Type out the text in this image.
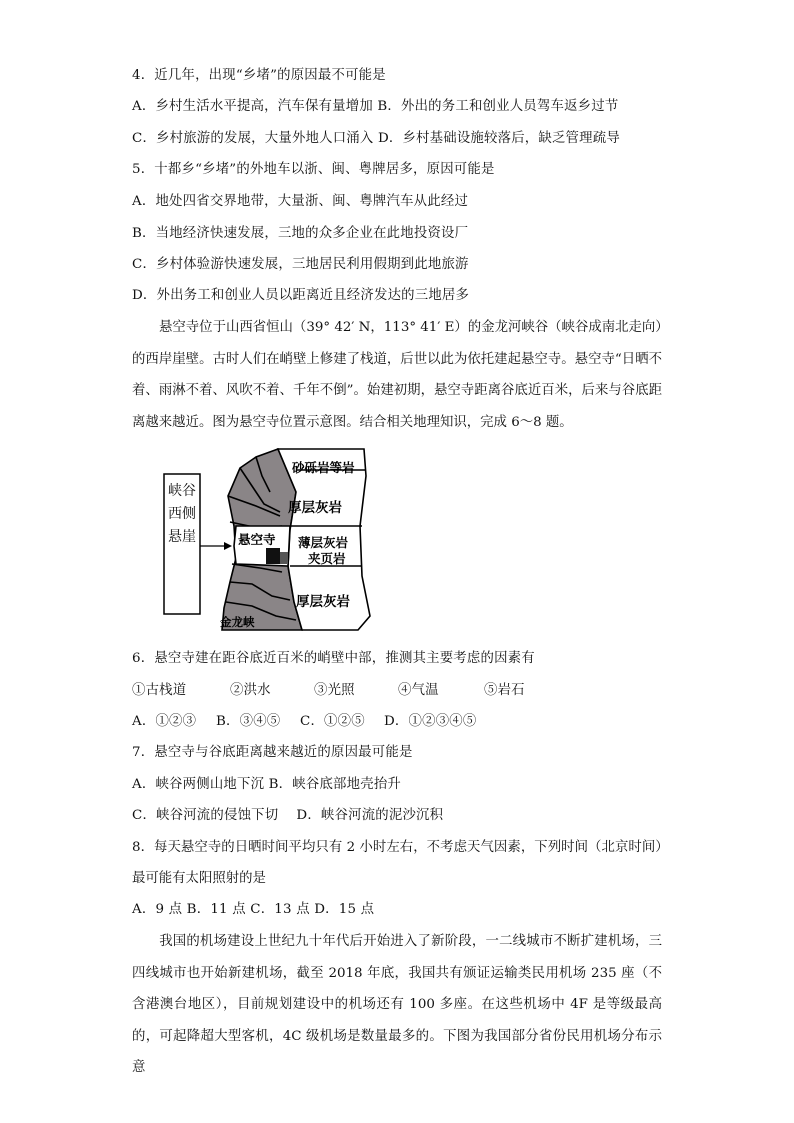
4．近几年，出现“乡堵”的原因最不可能是
A．乡村生活水平提高，汽车保有量增加 B．外出的务工和创业人员驾车返乡过节
C．乡村旅游的发展，大量外地人口涌入 D．乡村基础设施较落后，缺乏管理疏导
5．十都乡“乡堵”的外地车以浙、闽、粤牌居多，原因可能是
A．地处四省交界地带，大量浙、闽、粤牌汽车从此经过
B．当地经济快速发展，三地的众多企业在此地投资设厂
C．乡村体验游快速发展，三地居民利用假期到此地旅游
D．外出务工和创业人员以距离近且经济发达的三地居多
悬空寺位于山西省恒山（39° 42′ N，113° 41′ E）的金龙河峡谷（峡谷成南北走向）的西岸崖壁。古时人们在峭壁上修建了栈道，后世以此为依托建起悬空寺。悬空寺“日晒不着、雨淋不着、风吹不着、千年不倒”。始建初期，悬空寺距离谷底近百米，后来与谷底距离越来越近。图为悬空寺位置示意图。结合相关地理知识，完成 6～8 题。
峡谷西侧悬崖
砂砾岩等岩
厚层灰岩
薄层灰岩
夹页岩
厚层灰岩
悬空寺
金龙峡
6．悬空寺建在距谷底近百米的峭壁中部，推测其主要考虑的因素有
①古栈道	②洪水	③光照	④气温	⑤岩石
A．①②③ B．③④⑤ C．①②⑤ D．①②③④⑤
7．悬空寺与谷底距离越来越近的原因最可能是
A．峡谷两侧山地下沉 B．峡谷底部地壳抬升
C．峡谷河流的侵蚀下切　 D．峡谷河流的泥沙沉积
8．每天悬空寺的日晒时间平均只有 2 小时左右，不考虑天气因素，下列时间（北京时间）最可能有太阳照射的是
A．9 点 B．11 点 C．13 点 D．15 点
我国的机场建设上世纪九十年代后开始进入了新阶段，一二线城市不断扩建机场，三四线城市也开始新建机场，截至 2018 年底，我国共有颁证运输类民用机场 235 座（不含港澳台地区），目前规划建设中的机场还有 100 多座。在这些机场中 4F 是等级最高的，可起降超大型客机，4C 级机场是数量最多的。下图为我国部分省份民用机场分布示意
